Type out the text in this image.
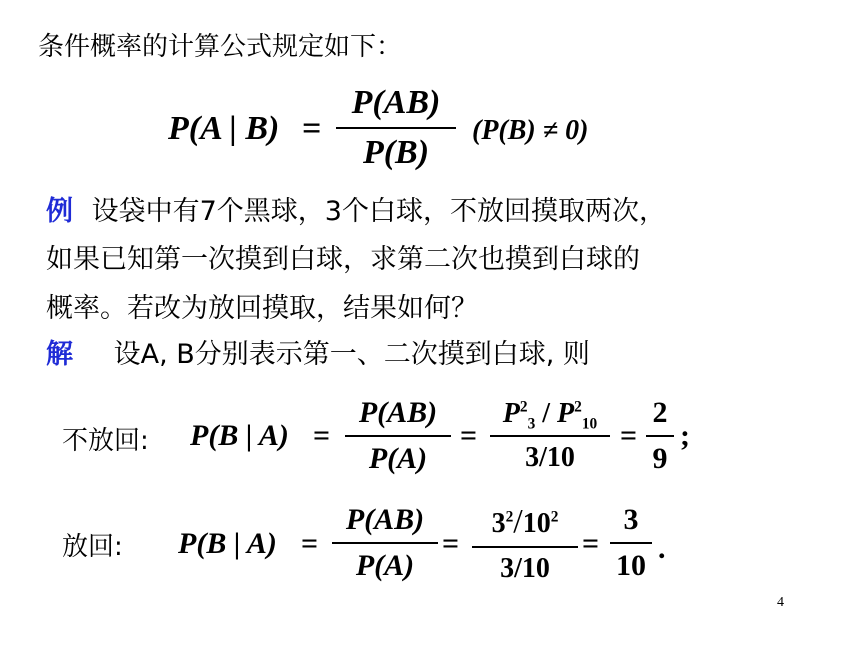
条件概率的计算公式规定如下：
P(A | B) =
P(AB)
P(B)
(P(B) ≠ 0)
例 设袋中有7个黑球，3个白球，不放回摸取两次，
如果已知第一次摸到白球，求第二次也摸到白球的
概率。若改为放回摸取，结果如何？
解 设A, B分别表示第一、二次摸到白球, 则
不放回: P(B | A) =
P(AB)
P(A)
=
$P^2_3 / P^2_{10}$
3/10
=
2
9
;
放回: P(B | A) =
P(AB)
P(A)
=
$3^2/10^2$
3/10
=
3
10
.
4
